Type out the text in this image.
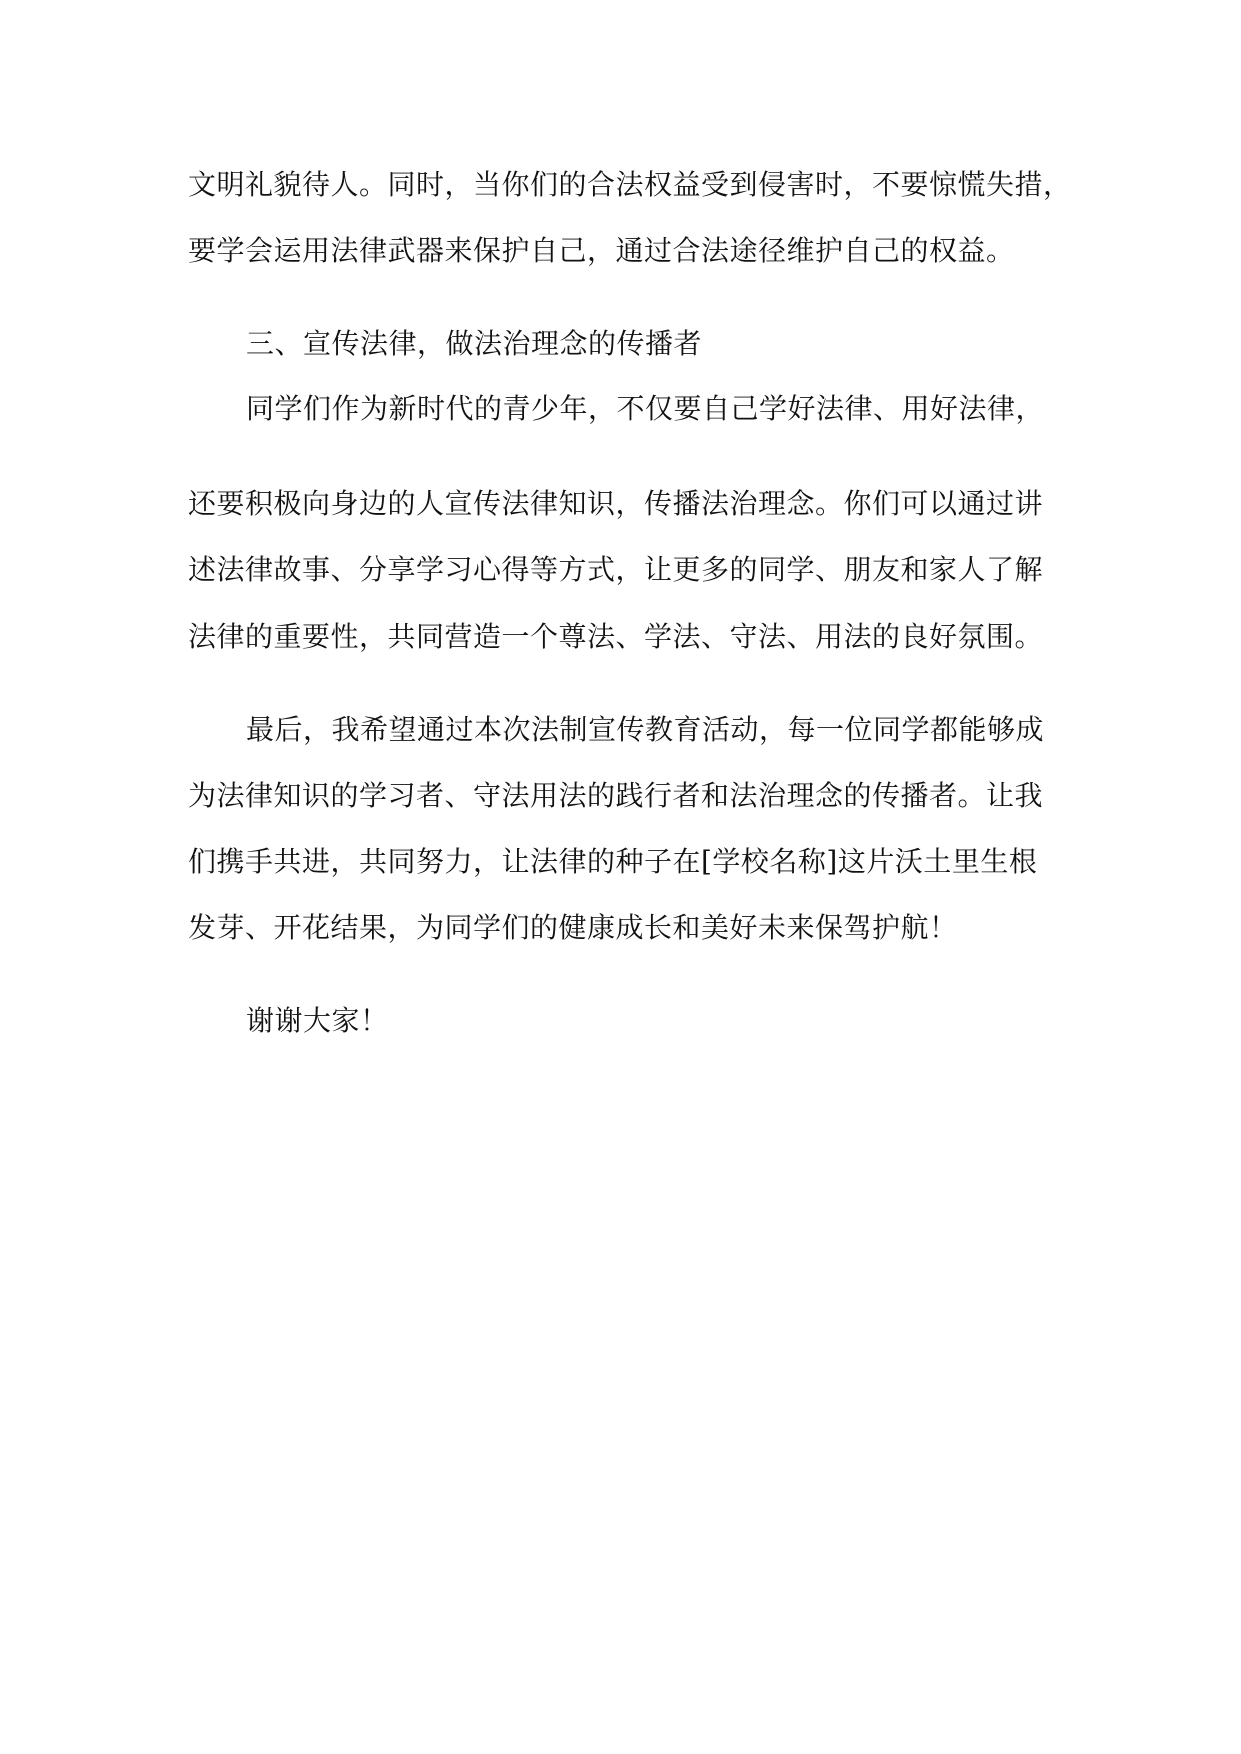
文明礼貌待人。同时，当你们的合法权益受到侵害时，不要惊慌失措，
要学会运用法律武器来保护自己，通过合法途径维护自己的权益。
三、宣传法律，做法治理念的传播者
同学们作为新时代的青少年，不仅要自己学好法律、用好法律，
还要积极向身边的人宣传法律知识，传播法治理念。你们可以通过讲
述法律故事、分享学习心得等方式，让更多的同学、朋友和家人了解
法律的重要性，共同营造一个尊法、学法、守法、用法的良好氛围。
最后，我希望通过本次法制宣传教育活动，每一位同学都能够成
为法律知识的学习者、守法用法的践行者和法治理念的传播者。让我
们携手共进，共同努力，让法律的种子在[学校名称]这片沃土里生根
发芽、开花结果，为同学们的健康成长和美好未来保驾护航！
谢谢大家！
